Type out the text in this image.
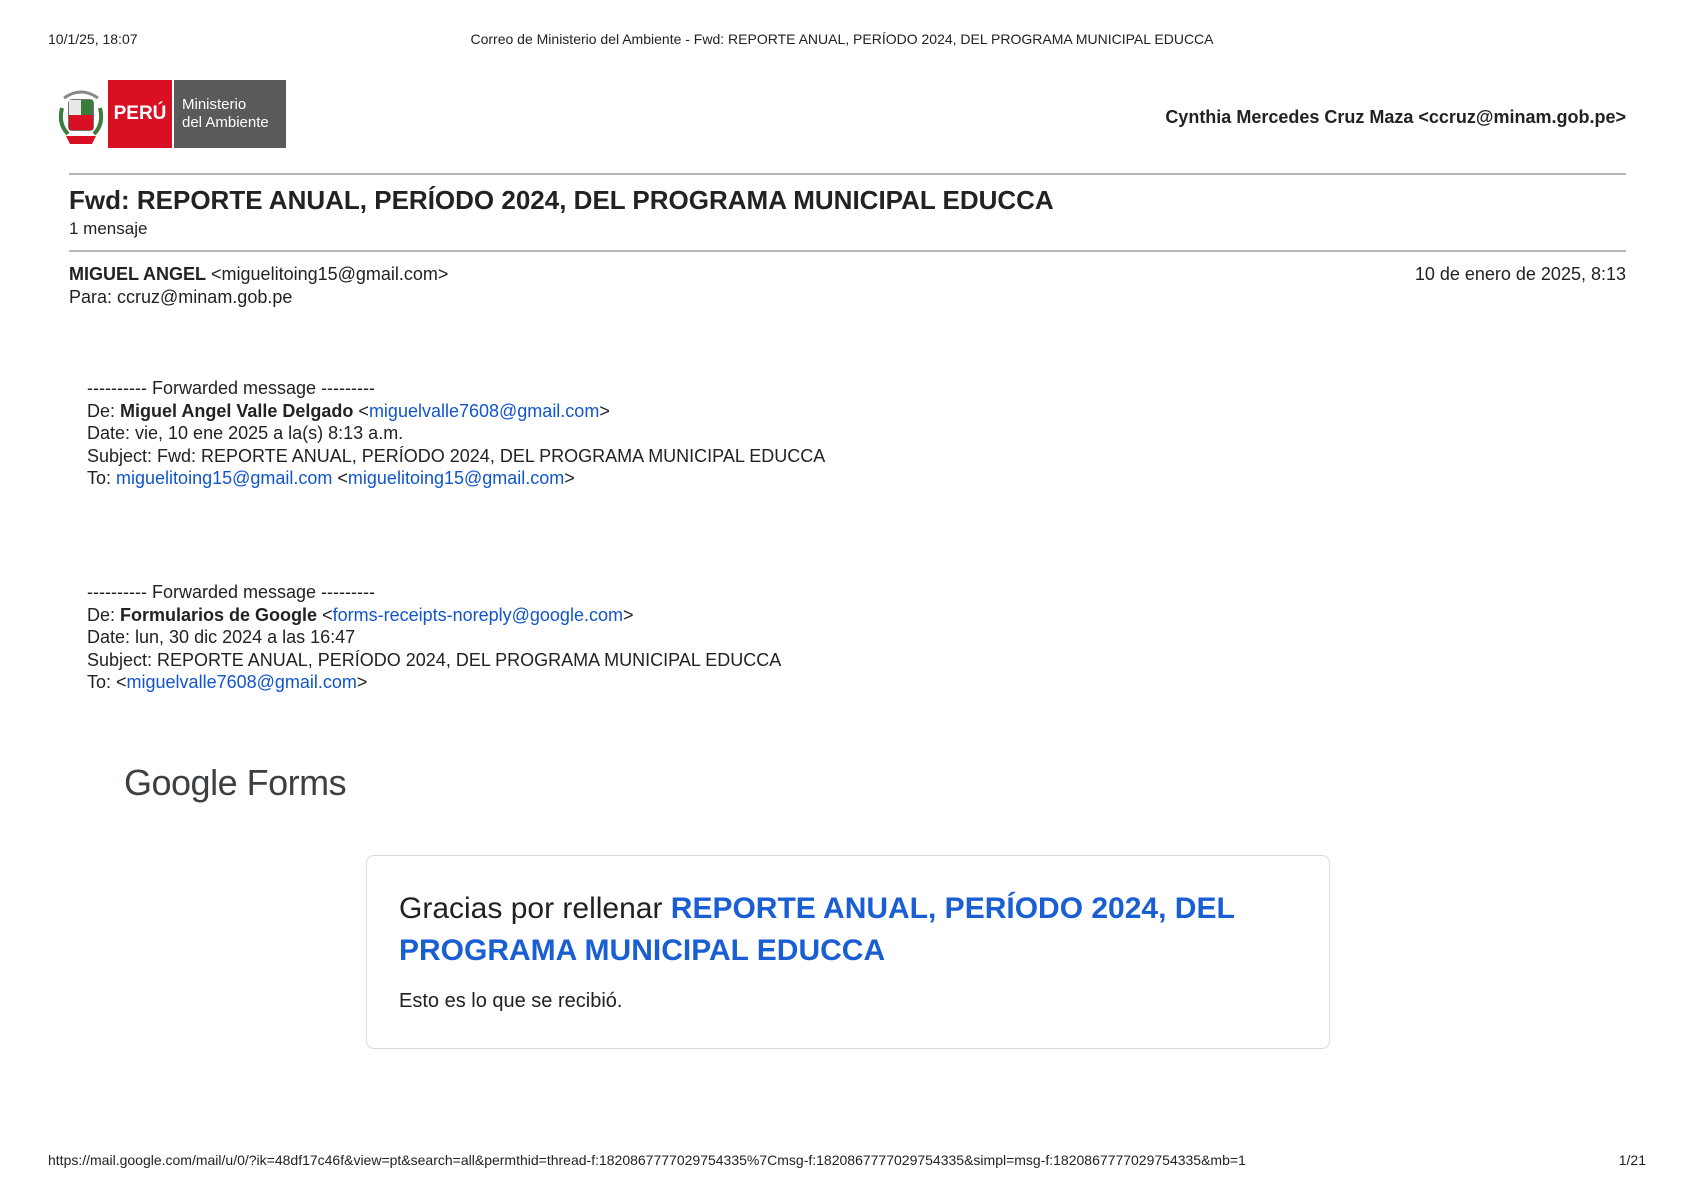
10/1/25, 18:07	Correo de Ministerio del Ambiente - Fwd: REPORTE ANUAL, PERÍODO 2024, DEL PROGRAMA MUNICIPAL EDUCCA
PERÚ	Ministerio
del Ambiente	Cynthia Mercedes Cruz Maza <ccruz@minam.gob.pe>
Fwd: REPORTE ANUAL, PERÍODO 2024, DEL PROGRAMA MUNICIPAL EDUCCA
1 mensaje
MIGUEL ANGEL <miguelitoing15@gmail.com>	10 de enero de 2025, 8:13
Para: ccruz@minam.gob.pe
---------- Forwarded message ---------
De: Miguel Angel Valle Delgado <miguelvalle7608@gmail.com>
Date: vie, 10 ene 2025 a la(s) 8:13 a.m.
Subject: Fwd: REPORTE ANUAL, PERÍODO 2024, DEL PROGRAMA MUNICIPAL EDUCCA
To: miguelitoing15@gmail.com <miguelitoing15@gmail.com>
---------- Forwarded message ---------
De: Formularios de Google <forms-receipts-noreply@google.com>
Date: lun, 30 dic 2024 a las 16:47
Subject: REPORTE ANUAL, PERÍODO 2024, DEL PROGRAMA MUNICIPAL EDUCCA
To: <miguelvalle7608@gmail.com>
Google Forms
Gracias por rellenar REPORTE ANUAL, PERÍODO 2024, DEL PROGRAMA MUNICIPAL EDUCCA
Esto es lo que se recibió.
https://mail.google.com/mail/u/0/?ik=48df17c46f&view=pt&search=all&permthid=thread-f:1820867777029754335%7Cmsg-f:1820867777029754335&simpl=msg-f:1820867777029754335&mb=1	1/21
